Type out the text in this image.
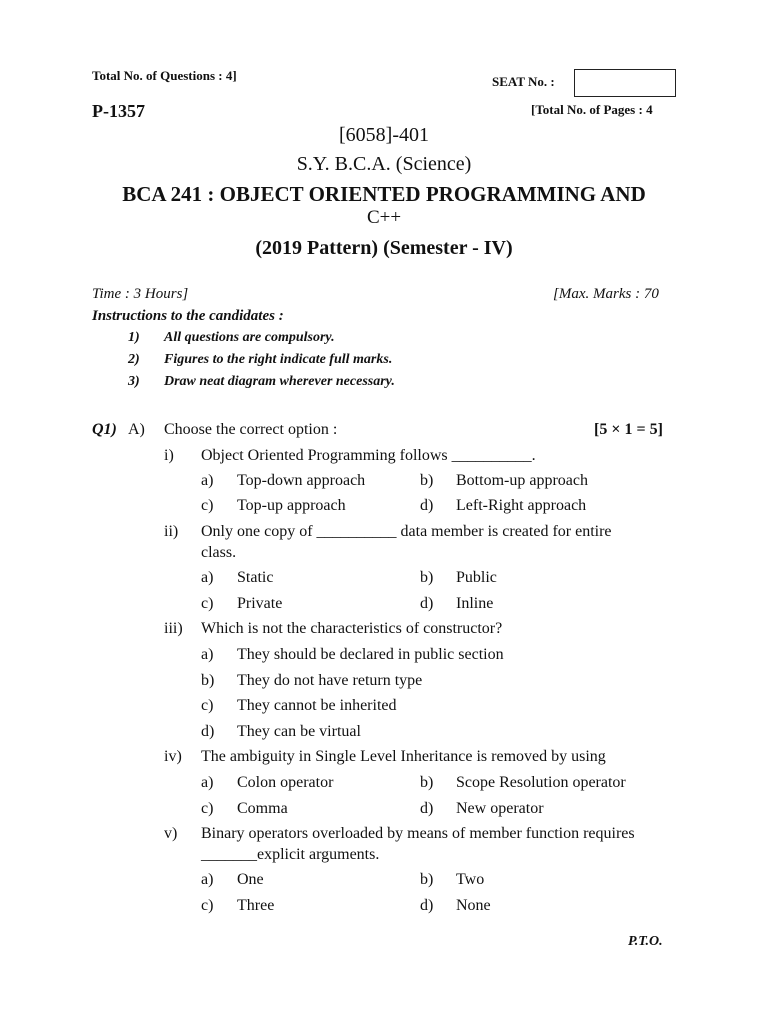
Total No. of Questions : 4]	SEAT No. :
P-1357	[Total No. of Pages : 4
[6058]-401
S.Y. B.C.A. (Science)
BCA 241 : OBJECT ORIENTED PROGRAMMING AND
C++
(2019 Pattern) (Semester - IV)
Time : 3 Hours]	[Max. Marks : 70
Instructions to the candidates :
1) All questions are compulsory.
2) Figures to the right indicate full marks.
3) Draw neat diagram wherever necessary.
Q1) A) Choose the correct option :	[5 × 1 = 5]
i) Object Oriented Programming follows __________.
a) Top-down approach	b) Bottom-up approach
c) Top-up approach	d) Left-Right approach
ii) Only one copy of __________ data member is created for entire
class.
a) Static	b) Public
c) Private	d) Inline
iii) Which is not the characteristics of constructor?
a) They should be declared in public section
b) They do not have return type
c) They cannot be inherited
d) They can be virtual
iv) The ambiguity in Single Level Inheritance is removed by using
a) Colon operator	b) Scope Resolution operator
c) Comma	d) New operator
v) Binary operators overloaded by means of member function requires
_______explicit arguments.
a) One	b) Two
c) Three	d) None
P.T.O.
